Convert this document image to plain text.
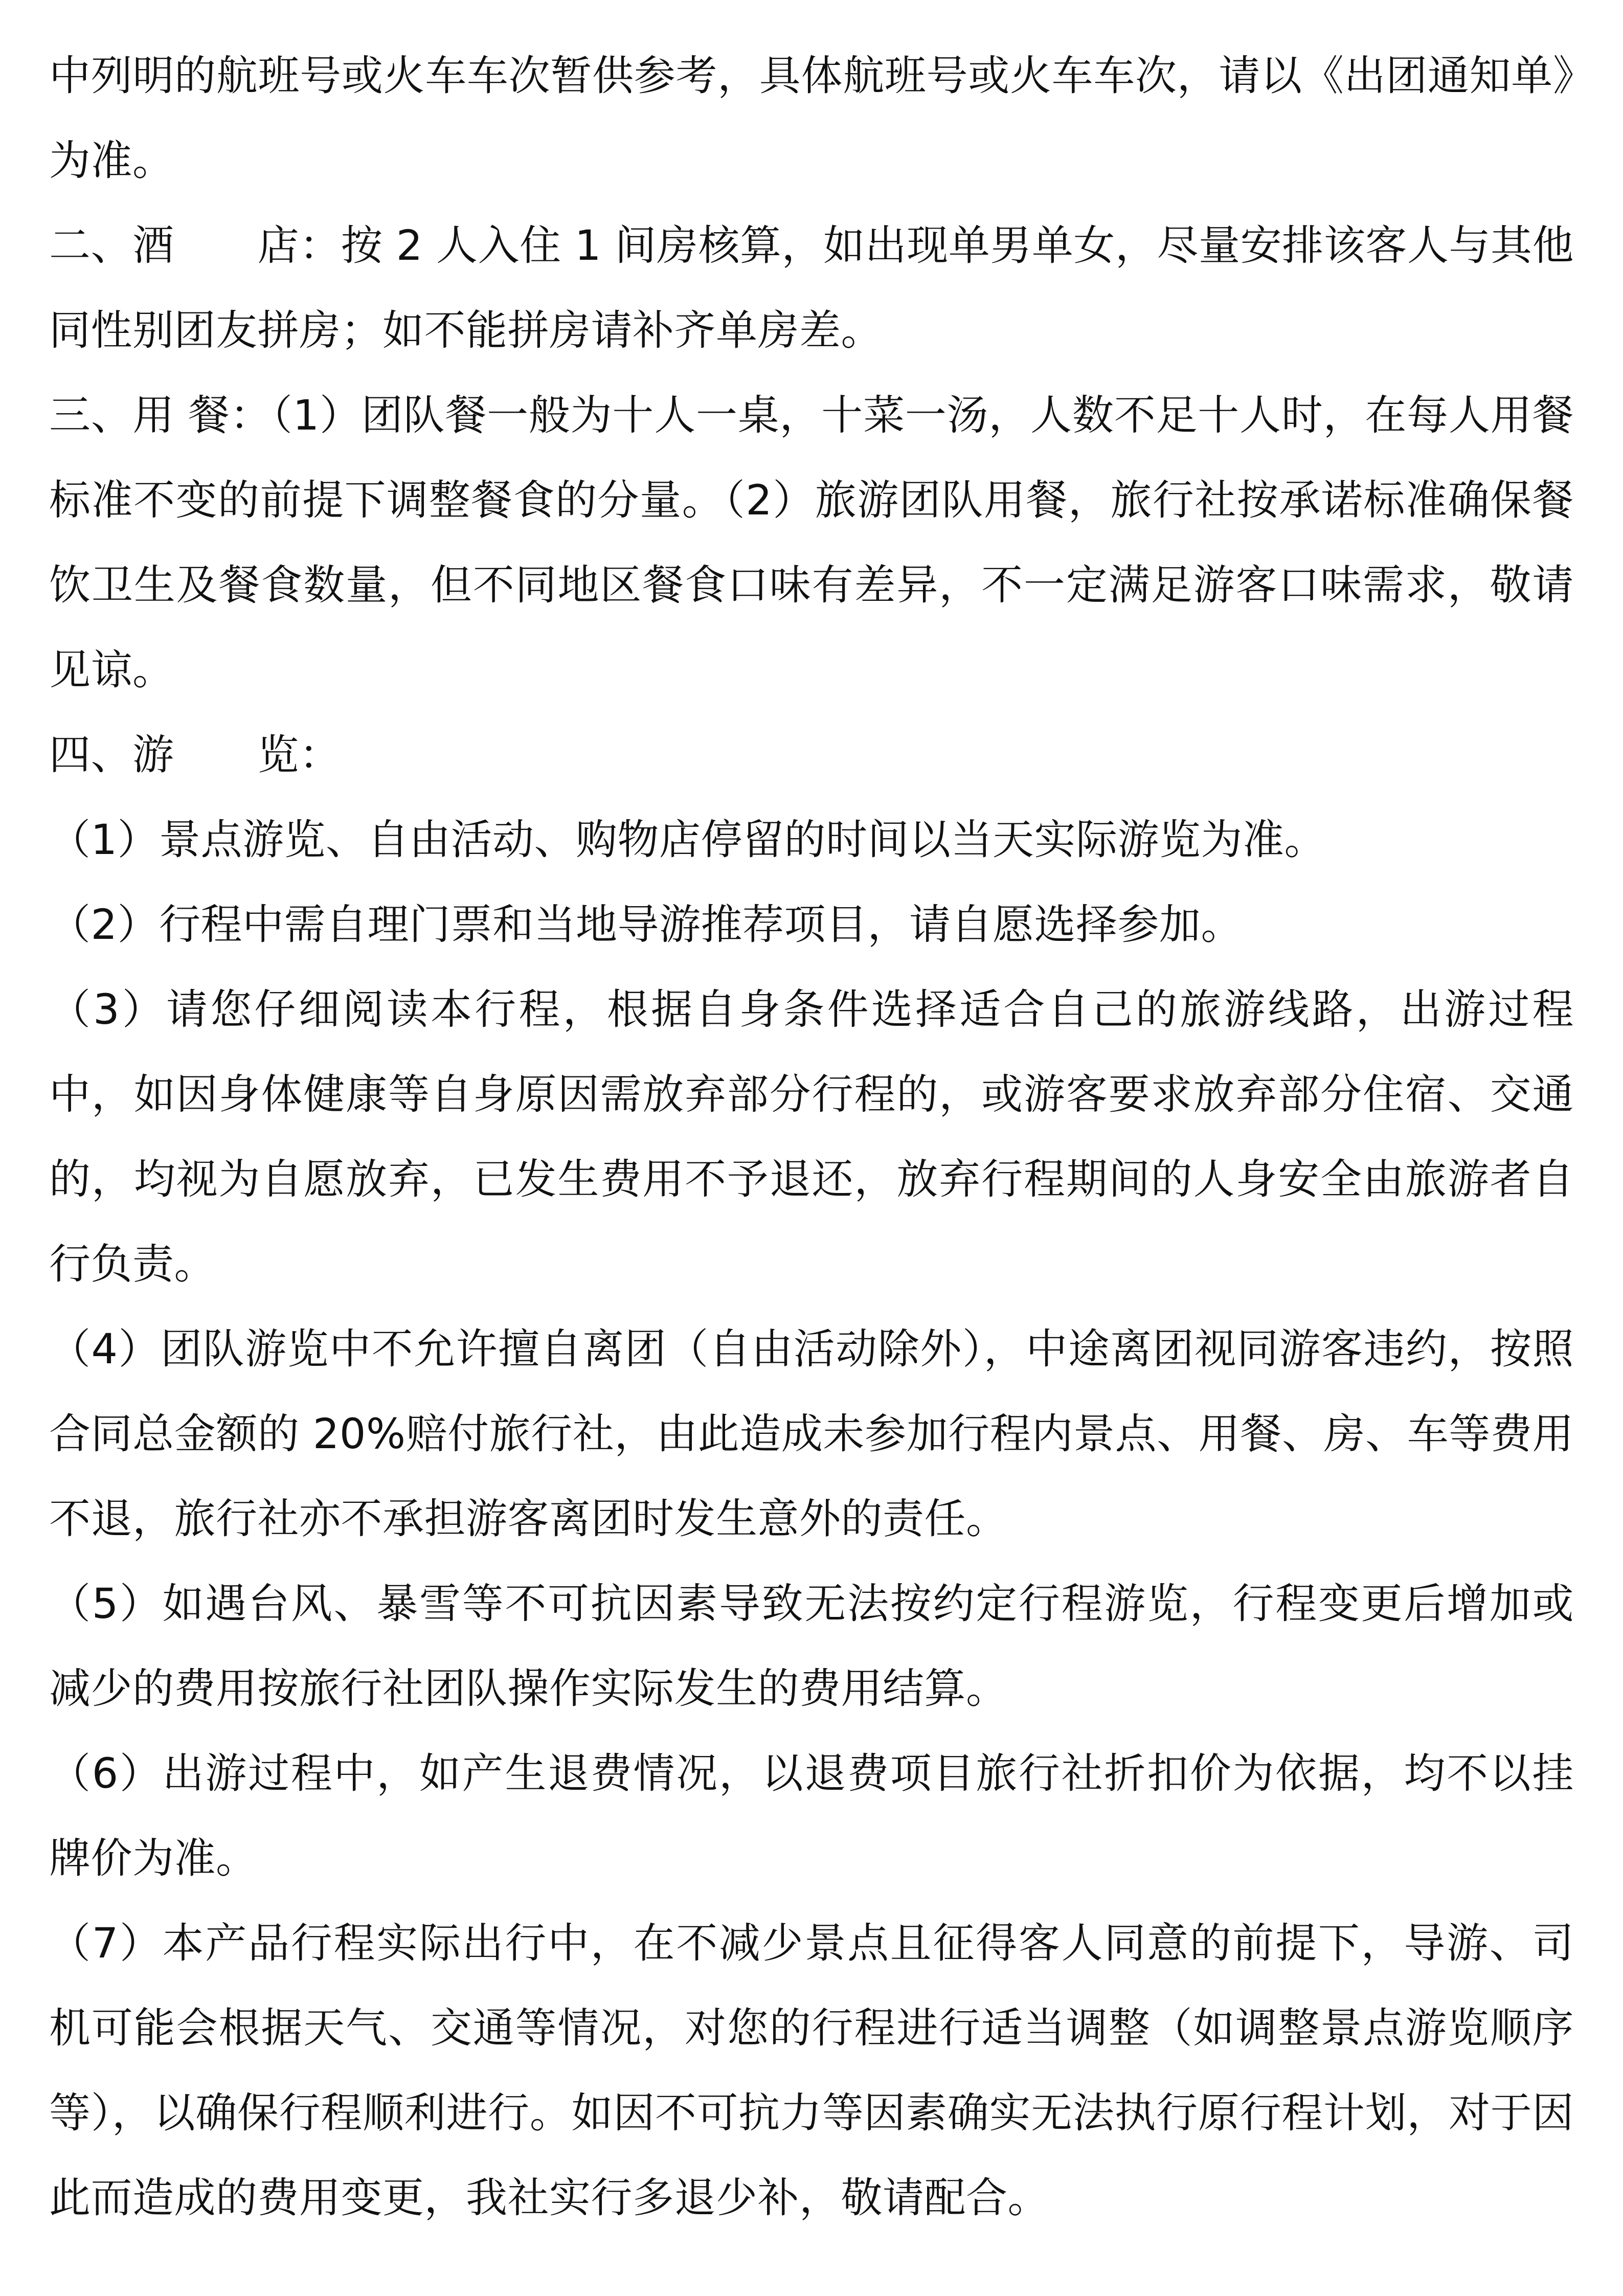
中列明的航班号或火车车次暂供参考，具体航班号或火车车次，请以《出团通知单》为准。

二、酒　　店：按 2 人入住 1 间房核算，如出现单男单女，尽量安排该客人与其他同性别团友拼房；如不能拼房请补齐单房差。

三、用 餐：（1）团队餐一般为十人一桌，十菜一汤，人数不足十人时，在每人用餐标准不变的前提下调整餐食的分量。（2）旅游团队用餐，旅行社按承诺标准确保餐饮卫生及餐食数量，但不同地区餐食口味有差异，不一定满足游客口味需求，敬请见谅。

四、游　　览：

（1）景点游览、自由活动、购物店停留的时间以当天实际游览为准。

（2）行程中需自理门票和当地导游推荐项目，请自愿选择参加。

（3）请您仔细阅读本行程，根据自身条件选择适合自己的旅游线路，出游过程中，如因身体健康等自身原因需放弃部分行程的，或游客要求放弃部分住宿、交通的，均视为自愿放弃，已发生费用不予退还，放弃行程期间的人身安全由旅游者自行负责。

（4）团队游览中不允许擅自离团（自由活动除外），中途离团视同游客违约，按照合同总金额的 20%赔付旅行社，由此造成未参加行程内景点、用餐、房、车等费用不退，旅行社亦不承担游客离团时发生意外的责任。

（5）如遇台风、暴雪等不可抗因素导致无法按约定行程游览，行程变更后增加或减少的费用按旅行社团队操作实际发生的费用结算。

（6）出游过程中，如产生退费情况，以退费项目旅行社折扣价为依据，均不以挂牌价为准。

（7）本产品行程实际出行中，在不减少景点且征得客人同意的前提下，导游、司机可能会根据天气、交通等情况，对您的行程进行适当调整（如调整景点游览顺序等），以确保行程顺利进行。如因不可抗力等因素确实无法执行原行程计划，对于因此而造成的费用变更，我社实行多退少补，敬请配合。
